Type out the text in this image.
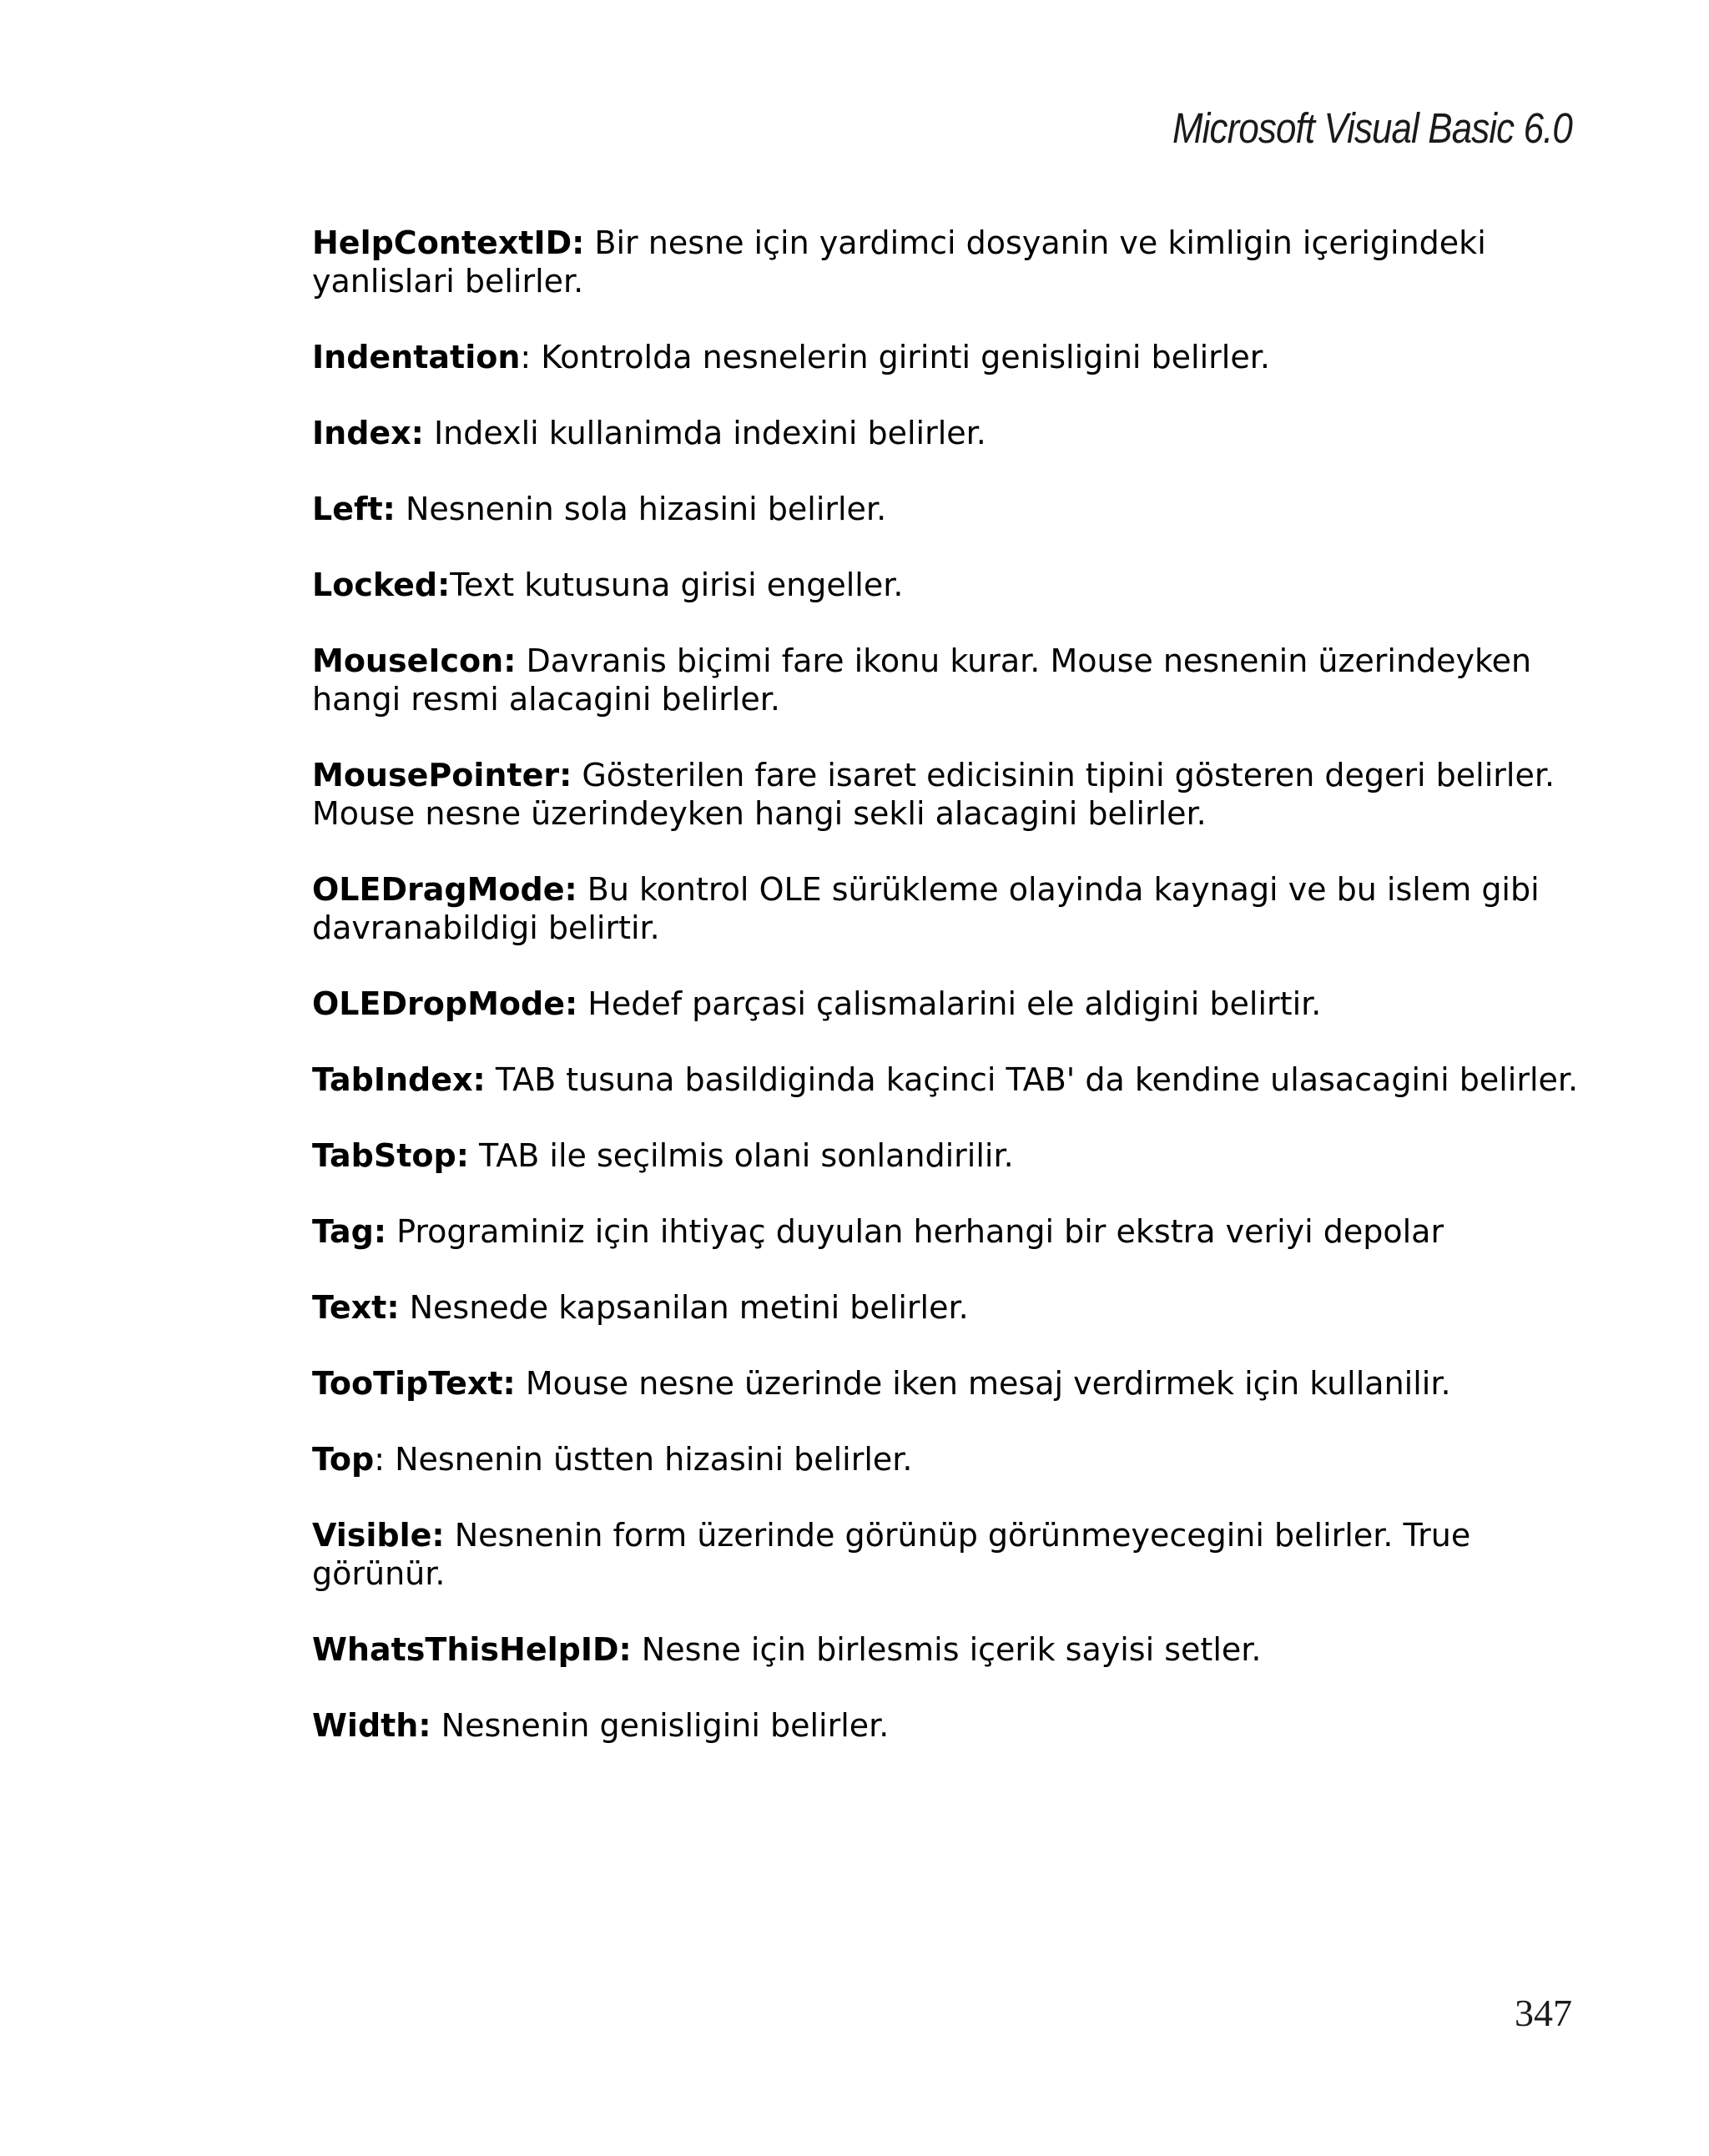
Microsoft Visual Basic 6.0
HelpContextID: Bir nesne için yardimci dosyanin ve kimligin içerigindeki yanlislari belirler.
Indentation: Kontrolda nesnelerin girinti genisligini belirler.
Index: Indexli kullanimda indexini belirler.
Left: Nesnenin sola hizasini belirler.
Locked:Text kutusuna girisi engeller.
MouseIcon: Davranis biçimi fare ikonu kurar. Mouse nesnenin üzerindeyken hangi resmi alacagini belirler.
MousePointer: Gösterilen fare isaret edicisinin tipini gösteren degeri belirler. Mouse nesne üzerindeyken hangi sekli alacagini belirler.
OLEDragMode: Bu kontrol OLE sürükleme olayinda kaynagi ve bu islem gibi davranabildigi belirtir.
OLEDropMode: Hedef parçasi çalismalarini ele aldigini belirtir.
TabIndex: TAB tusuna basildiginda kaçinci TAB' da kendine ulasacagini belirler.
TabStop: TAB ile seçilmis olani sonlandirilir.
Tag: Programiniz için ihtiyaç duyulan herhangi bir ekstra veriyi depolar
Text: Nesnede kapsanilan metini belirler.
TooTipText: Mouse nesne üzerinde iken mesaj verdirmek için kullanilir.
Top: Nesnenin üstten hizasini belirler.
Visible: Nesnenin form üzerinde görünüp görünmeyecegini belirler. True görünür.
WhatsThisHelpID: Nesne için birlesmis içerik sayisi setler.
Width: Nesnenin genisligini belirler.
347
